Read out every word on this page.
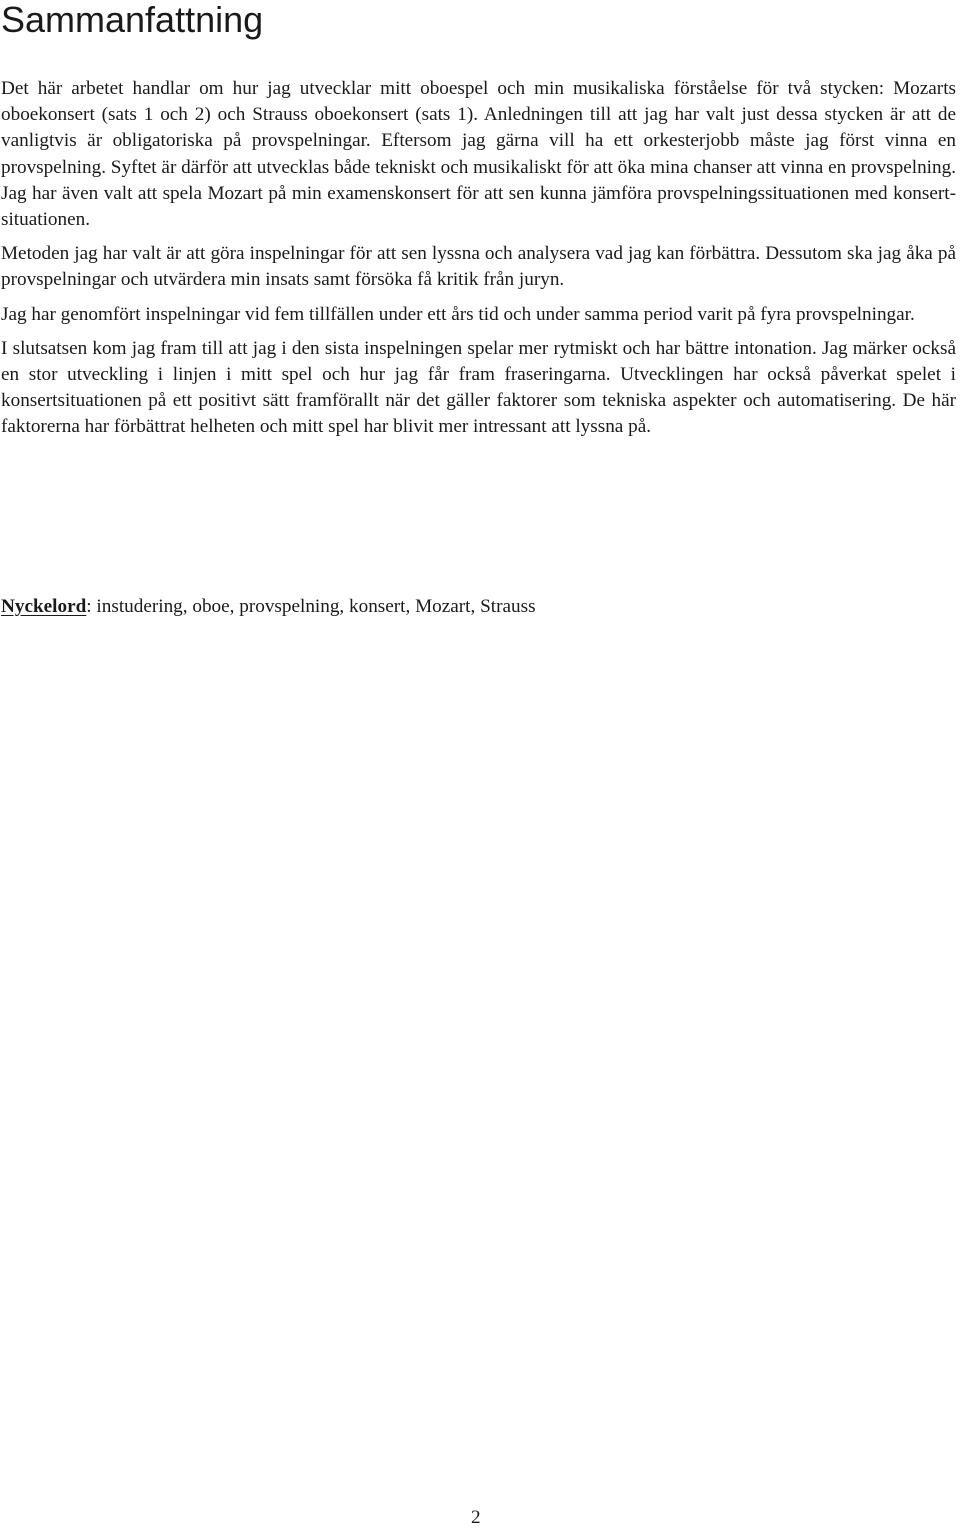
Sammanfattning

Det här arbetet handlar om hur jag utvecklar mitt oboespel och min musikaliska förståelse för två stycken: Mozarts oboekonsert (sats 1 och 2) och Strauss oboekonsert (sats 1). Anledningen till att jag har valt just dessa stycken är att de vanligtvis är obligatoriska på provspelningar. Eftersom jag gärna vill ha ett orkesterjobb måste jag först vinna en provspelning. Syftet är därför att utvecklas både tekniskt och musikaliskt för att öka mina chanser att vinna en provspelning. Jag har även valt att spela Mozart på min examenskonsert för att sen kunna jämföra provspelningssituationen med konsertsituationen.

Metoden jag har valt är att göra inspelningar för att sen lyssna och analysera vad jag kan förbättra. Dessutom ska jag åka på provspelningar och utvärdera min insats samt försöka få kritik från juryn.

Jag har genomfört inspelningar vid fem tillfällen under ett års tid och under samma period varit på fyra provspelningar.

I slutsatsen kom jag fram till att jag i den sista inspelningen spelar mer rytmiskt och har bättre intonation. Jag märker också en stor utveckling i linjen i mitt spel och hur jag får fram fraseringarna. Utvecklingen har också påverkat spelet i konsertsituationen på ett positivt sätt framförallt när det gäller faktorer som tekniska aspekter och automatisering. De här faktorerna har förbättrat helheten och mitt spel har blivit mer intressant att lyssna på.

Nyckelord: instudering, oboe, provspelning, konsert, Mozart, Strauss
2
